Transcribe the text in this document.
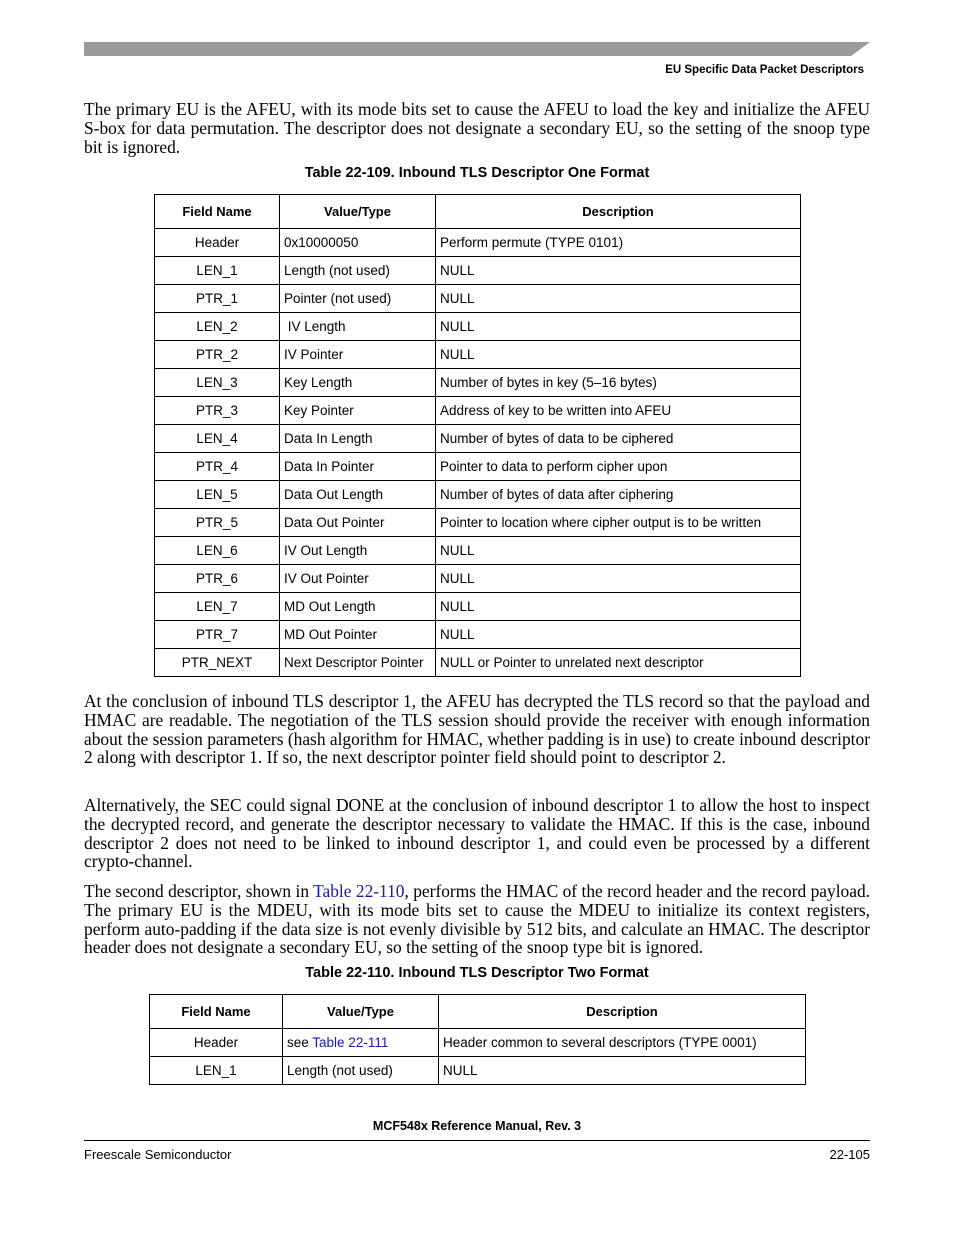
EU Specific Data Packet Descriptors

The primary EU is the AFEU, with its mode bits set to cause the AFEU to load the key and initialize the AFEU S-box for data permutation. The descriptor does not designate a secondary EU, so the setting of the snoop type bit is ignored.

Table 22-109. Inbound TLS Descriptor One Format
Field Name	Value/Type	Description
Header	0x10000050	Perform permute (TYPE 0101)
LEN_1	Length (not used)	NULL
PTR_1	Pointer (not used)	NULL
LEN_2	IV Length	NULL
PTR_2	IV Pointer	NULL
LEN_3	Key Length	Number of bytes in key (5–16 bytes)
PTR_3	Key Pointer	Address of key to be written into AFEU
LEN_4	Data In Length	Number of bytes of data to be ciphered
PTR_4	Data In Pointer	Pointer to data to perform cipher upon
LEN_5	Data Out Length	Number of bytes of data after ciphering
PTR_5	Data Out Pointer	Pointer to location where cipher output is to be written
LEN_6	IV Out Length	NULL
PTR_6	IV Out Pointer	NULL
LEN_7	MD Out Length	NULL
PTR_7	MD Out Pointer	NULL
PTR_NEXT	Next Descriptor Pointer	NULL or Pointer to unrelated next descriptor

At the conclusion of inbound TLS descriptor 1, the AFEU has decrypted the TLS record so that the payload and HMAC are readable. The negotiation of the TLS session should provide the receiver with enough information about the session parameters (hash algorithm for HMAC, whether padding is in use) to create inbound descriptor 2 along with descriptor 1. If so, the next descriptor pointer field should point to descriptor 2.

Alternatively, the SEC could signal DONE at the conclusion of inbound descriptor 1 to allow the host to inspect the decrypted record, and generate the descriptor necessary to validate the HMAC. If this is the case, inbound descriptor 2 does not need to be linked to inbound descriptor 1, and could even be processed by a different crypto-channel.

The second descriptor, shown in Table 22-110, performs the HMAC of the record header and the record payload. The primary EU is the MDEU, with its mode bits set to cause the MDEU to initialize its context registers, perform auto-padding if the data size is not evenly divisible by 512 bits, and calculate an HMAC. The descriptor header does not designate a secondary EU, so the setting of the snoop type bit is ignored.

Table 22-110. Inbound TLS Descriptor Two Format
Field Name	Value/Type	Description
Header	see Table 22-111	Header common to several descriptors (TYPE 0001)
LEN_1	Length (not used)	NULL
MCF548x Reference Manual, Rev. 3
Freescale Semiconductor	22-105
